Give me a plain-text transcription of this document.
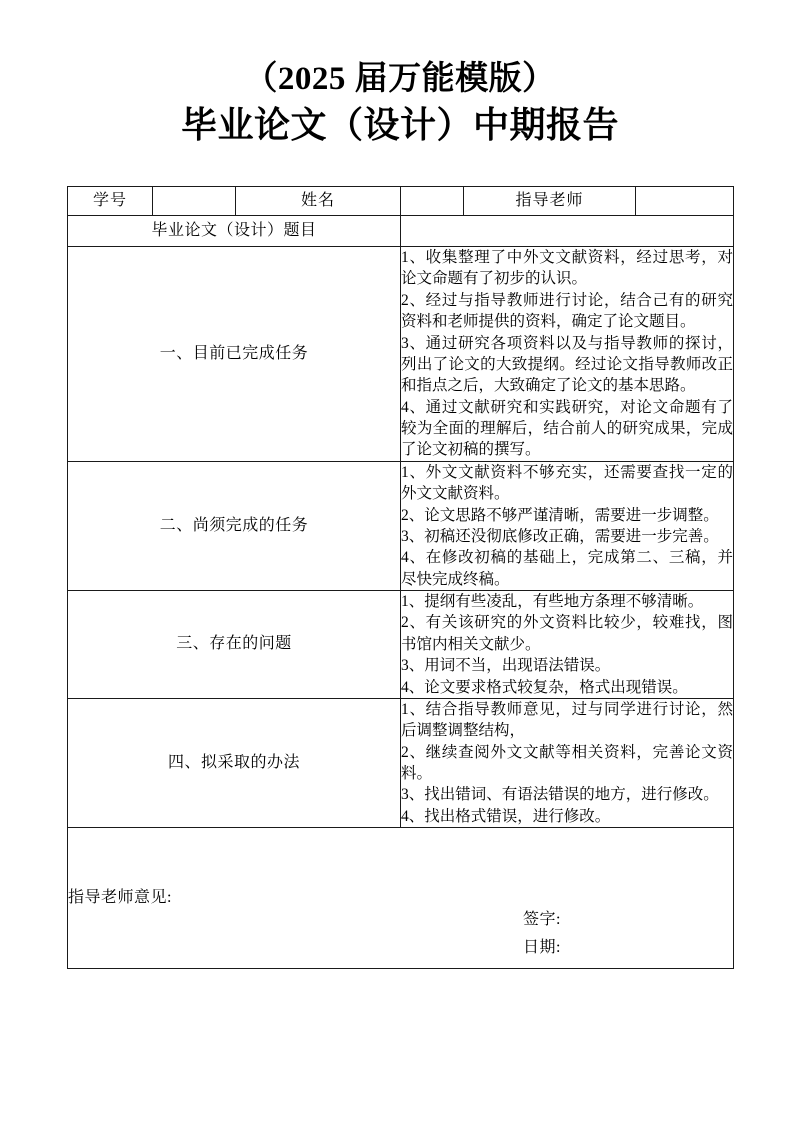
（2025 届万能模版）
毕业论文（设计）中期报告
学号		姓名		指导老师	
毕业论文（设计）题目					
一、目前已完成任务			1、收集整理了中外文文献资料，经过思考，对论文命题有了初步的认识。

2、经过与指导教师进行讨论，结合己有的研究资料和老师提供的资料，确定了论文题目。

3、通过研究各项资料以及与指导教师的探讨，列出了论文的大致提纲。经过论文指导教师改正和指点之后，大致确定了论文的基本思路。

4、通过文献研究和实践研究，对论文命题有了较为全面的理解后，结合前人的研究成果，完成了论文初稿的撰写。		

二、尚须完成的任务			1、外文文献资料不够充实，还需要查找一定的外文文献资料。

2、论文思路不够严谨清晰，需要进一步调整。

3、初稿还没彻底修改正确，需要进一步完善。

4、在修改初稿的基础上，完成第二、三稿，并尽快完成终稿。		

三、存在的问题			1、提纲有些凌乱，有些地方条理不够清晰。

2、有关该研究的外文资料比较少，较难找，图书馆内相关文献少。

3、用词不当，出现语法错误。

4、论文要求格式较复杂，格式出现错误。		

四、拟采取的办法			1、结合指导教师意见，过与同学进行讨论，然后调整调整结构，

2、继续查阅外文文献等相关资料，完善论文资料。

3、找出错词、有语法错误的地方，进行修改。

4、找出格式错误，进行修改。		

指导老师意见:
签字:
日期:					
